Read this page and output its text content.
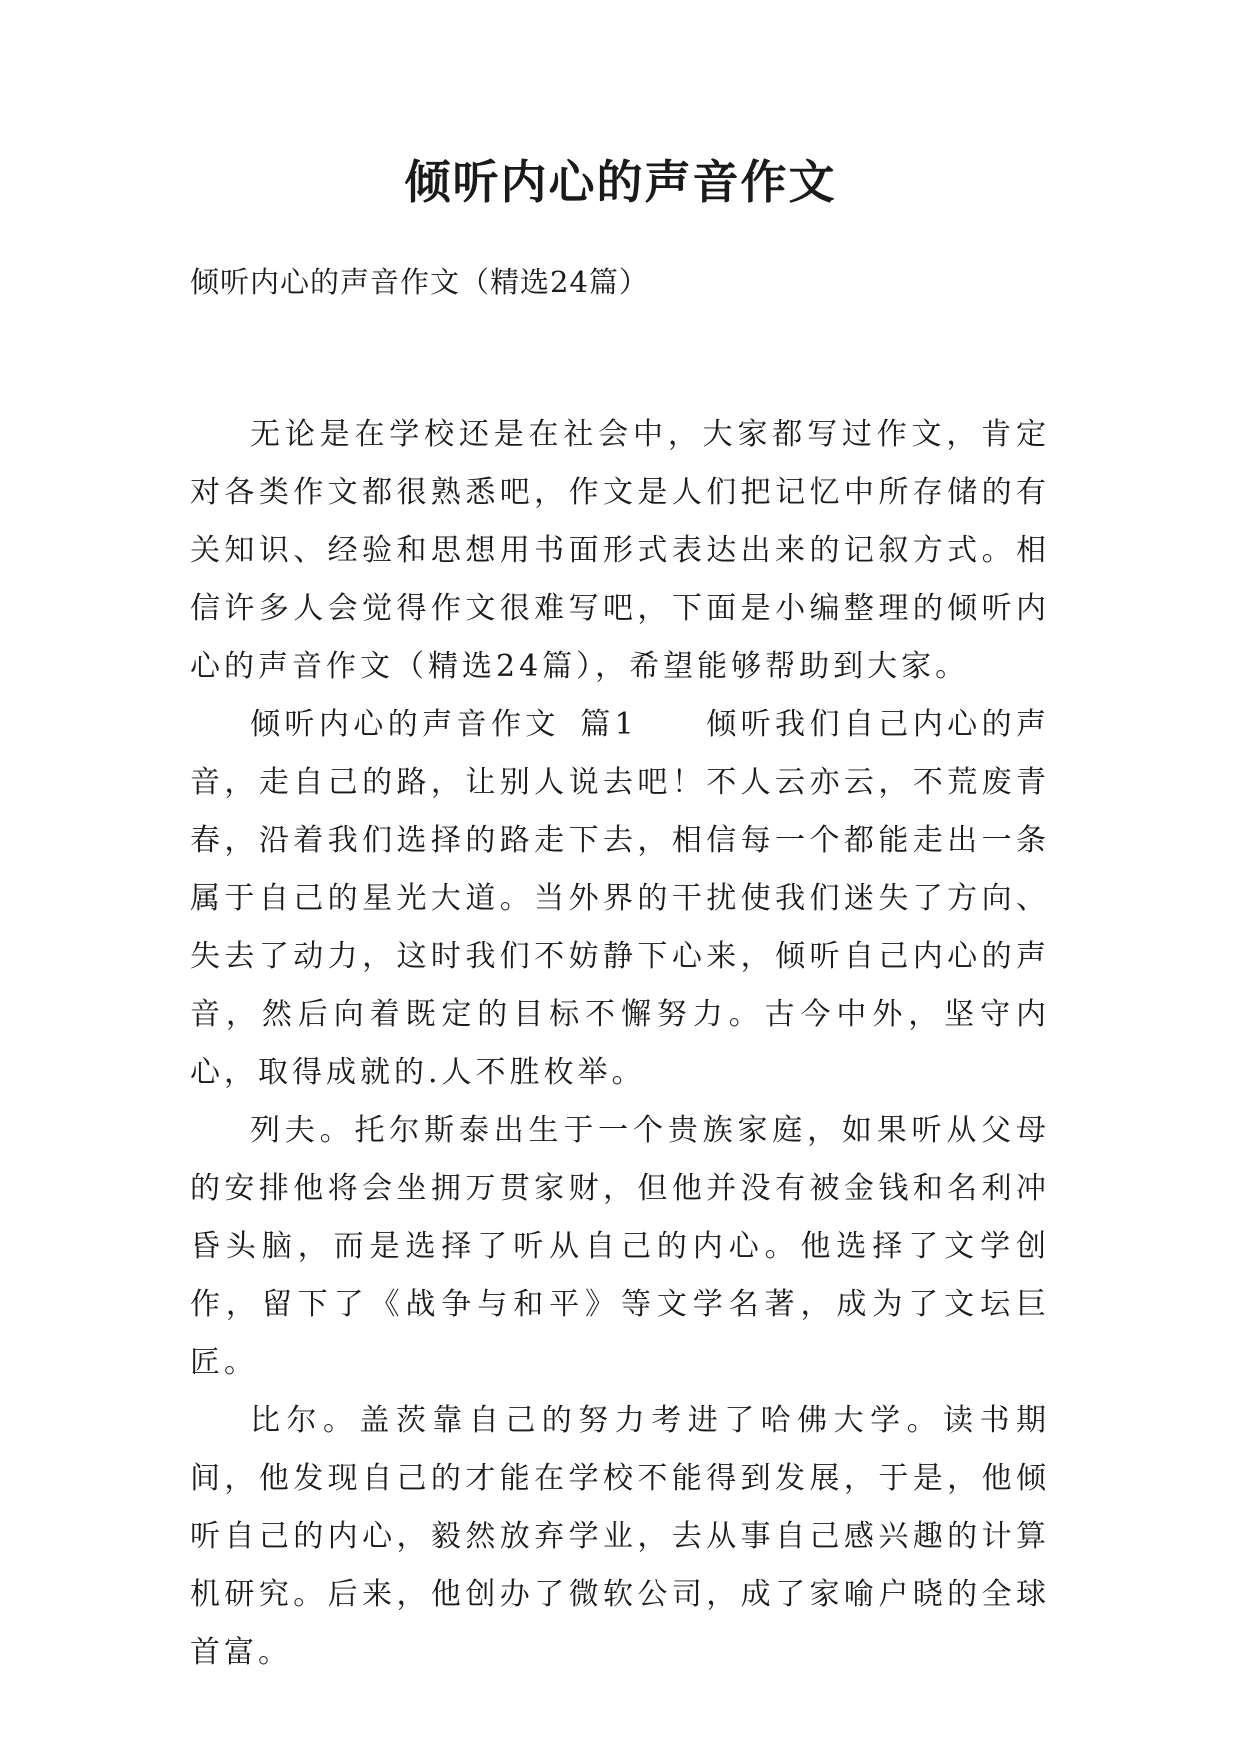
倾听内心的声音作文

倾听内心的声音作文（精选24篇）

无论是在学校还是在社会中，大家都写过作文，肯定对各类作文都很熟悉吧，作文是人们把记忆中所存储的有关知识、经验和思想用书面形式表达出来的记叙方式。相信许多人会觉得作文很难写吧，下面是小编整理的倾听内心的声音作文（精选24篇），希望能够帮助到大家。

倾听内心的声音作文 篇1 倾听我们自己内心的声音，走自己的路，让别人说去吧！不人云亦云，不荒废青春，沿着我们选择的路走下去，相信每一个都能走出一条属于自己的星光大道。当外界的干扰使我们迷失了方向、失去了动力，这时我们不妨静下心来，倾听自己内心的声音，然后向着既定的目标不懈努力。古今中外，坚守内心，取得成就的.人不胜枚举。

列夫。托尔斯泰出生于一个贵族家庭，如果听从父母的安排他将会坐拥万贯家财，但他并没有被金钱和名利冲昏头脑，而是选择了听从自己的内心。他选择了文学创作，留下了《战争与和平》等文学名著，成为了文坛巨匠。

比尔。盖茨靠自己的努力考进了哈佛大学。读书期间，他发现自己的才能在学校不能得到发展，于是，他倾听自己的内心，毅然放弃学业，去从事自己感兴趣的计算机研究。后来，他创办了微软公司，成了家喻户晓的全球首富。
